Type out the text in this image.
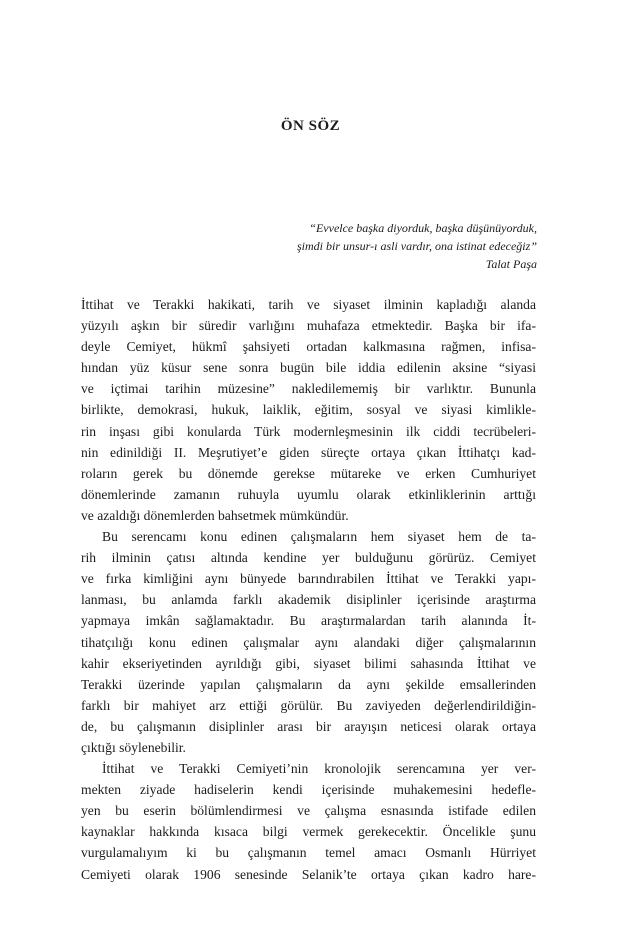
ÖN SÖZ
“Evvelce başka diyorduk, başka düşünüyorduk,
şimdi bir unsur-ı asli vardır, ona istinat edeceğiz”
Talat Paşa

İttihat ve Terakki hakikati, tarih ve siyaset ilminin kapladığı alanda
yüzyılı aşkın bir süredir varlığını muhafaza etmektedir. Başka bir ifa-
deyle Cemiyet, hükmî şahsiyeti ortadan kalkmasına rağmen, infisa-
hından yüz küsur sene sonra bugün bile iddia edilenin aksine “siyasi
ve içtimai tarihin müzesine” nakledilememiş bir varlıktır. Bununla
birlikte, demokrasi, hukuk, laiklik, eğitim, sosyal ve siyasi kimlikle-
rin inşası gibi konularda Türk modernleşmesinin ilk ciddi tecrübeleri-
nin edinildiği II. Meşrutiyet’e giden süreçte ortaya çıkan İttihatçı kad-
roların gerek bu dönemde gerekse mütareke ve erken Cumhuriyet
dönemlerinde zamanın ruhuyla uyumlu olarak etkinliklerinin arttığı
ve azaldığı dönemlerden bahsetmek mümkündür.

Bu serencamı konu edinen çalışmaların hem siyaset hem de ta-
rih ilminin çatısı altında kendine yer bulduğunu görürüz. Cemiyet
ve fırka kimliğini aynı bünyede barındırabilen İttihat ve Terakki yapı-
lanması, bu anlamda farklı akademik disiplinler içerisinde araştırma
yapmaya imkân sağlamaktadır. Bu araştırmalardan tarih alanında İt-
tihatçılığı konu edinen çalışmalar aynı alandaki diğer çalışmalarının
kahir ekseriyetinden ayrıldığı gibi, siyaset bilimi sahasında İttihat ve
Terakki üzerinde yapılan çalışmaların da aynı şekilde emsallerinden
farklı bir mahiyet arz ettiği görülür. Bu zaviyeden değerlendirildiğin-
de, bu çalışmanın disiplinler arası bir arayışın neticesi olarak ortaya
çıktığı söylenebilir.

İttihat ve Terakki Cemiyeti’nin kronolojik serencamına yer ver-
mekten ziyade hadiselerin kendi içerisinde muhakemesini hedefle-
yen bu eserin bölümlendirmesi ve çalışma esnasında istifade edilen
kaynaklar hakkında kısaca bilgi vermek gerekecektir. Öncelikle şunu
vurgulamalıyım ki bu çalışmanın temel amacı Osmanlı Hürriyet
Cemiyeti olarak 1906 senesinde Selanik’te ortaya çıkan kadro hare-
